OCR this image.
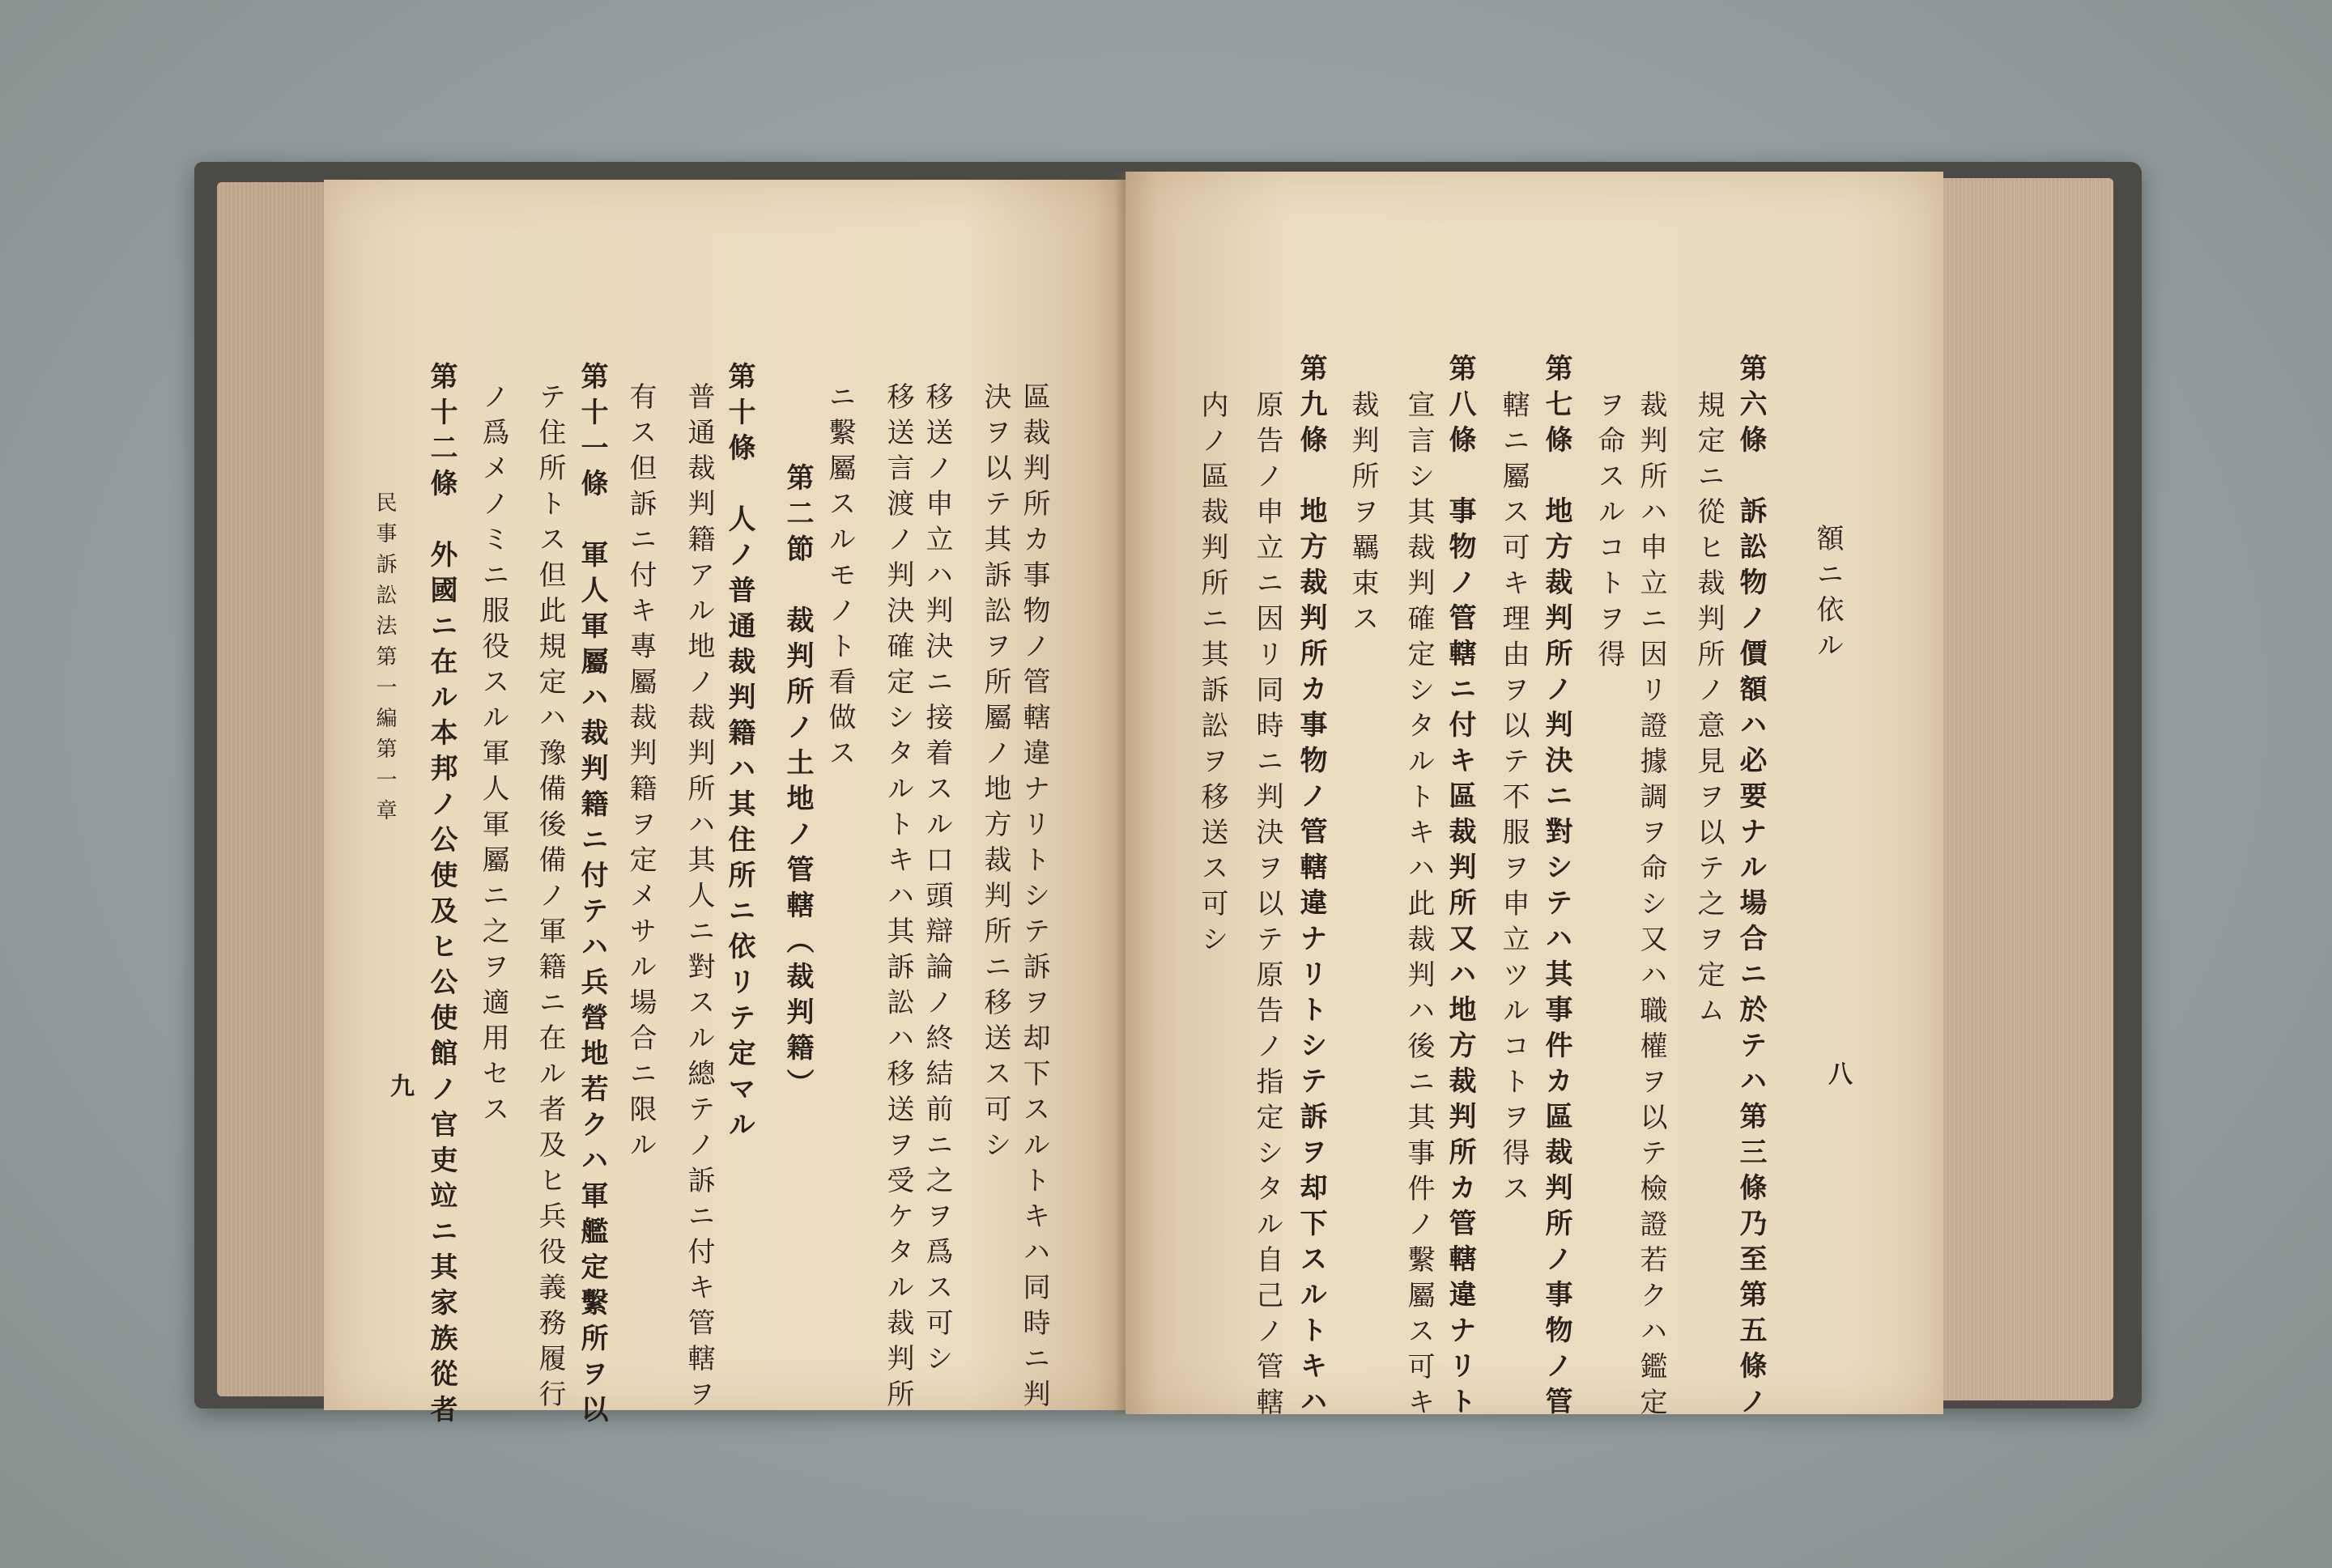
區裁判所カ事物ノ管轄違ナリトシテ訴ヲ却下スルトキハ同時ニ判
決ヲ以テ其訴訟ヲ所屬ノ地方裁判所ニ移送ス可シ
移送ノ申立ハ判決ニ接着スル口頭辯論ノ終結前ニ之ヲ爲ス可シ
移送言渡ノ判決確定シタルトキハ其訴訟ハ移送ヲ受ケタル裁判所
ニ繫屬スルモノト看做ス
第二節　裁判所ノ土地ノ管轄（裁判籍）
第十條　人ノ普通裁判籍ハ其住所ニ依リテ定マル
普通裁判籍アル地ノ裁判所ハ其人ニ對スル總テノ訴ニ付キ管轄ヲ
有ス但訴ニ付キ專屬裁判籍ヲ定メサル場合ニ限ル
第十一條　軍人軍屬ハ裁判籍ニ付テハ兵營地若クハ軍艦定繫所ヲ以
テ住所トス但此規定ハ豫備後備ノ軍籍ニ在ル者及ヒ兵役義務履行
ノ爲メノミニ服役スル軍人軍屬ニ之ヲ適用セス
第十二條　外國ニ在ル本邦ノ公使及ヒ公使館ノ官吏竝ニ其家族從者
民事訴訟法第一編第一章
九
額ニ依ル
第六條　訴訟物ノ價額ハ必要ナル場合ニ於テハ第三條乃至第五條ノ
規定ニ從ヒ裁判所ノ意見ヲ以テ之ヲ定ム
裁判所ハ申立ニ因リ證據調ヲ命シ又ハ職權ヲ以テ檢證若クハ鑑定
ヲ命スルコトヲ得
第七條　地方裁判所ノ判決ニ對シテハ其事件カ區裁判所ノ事物ノ管
轄ニ屬ス可キ理由ヲ以テ不服ヲ申立ツルコトヲ得ス
第八條　事物ノ管轄ニ付キ區裁判所又ハ地方裁判所カ管轄違ナリト
宣言シ其裁判確定シタルトキハ此裁判ハ後ニ其事件ノ繫屬ス可キ
裁判所ヲ羈束ス
第九條　地方裁判所カ事物ノ管轄違ナリトシテ訴ヲ却下スルトキハ
原告ノ申立ニ因リ同時ニ判決ヲ以テ原告ノ指定シタル自己ノ管轄
内ノ區裁判所ニ其訴訟ヲ移送ス可シ
八
